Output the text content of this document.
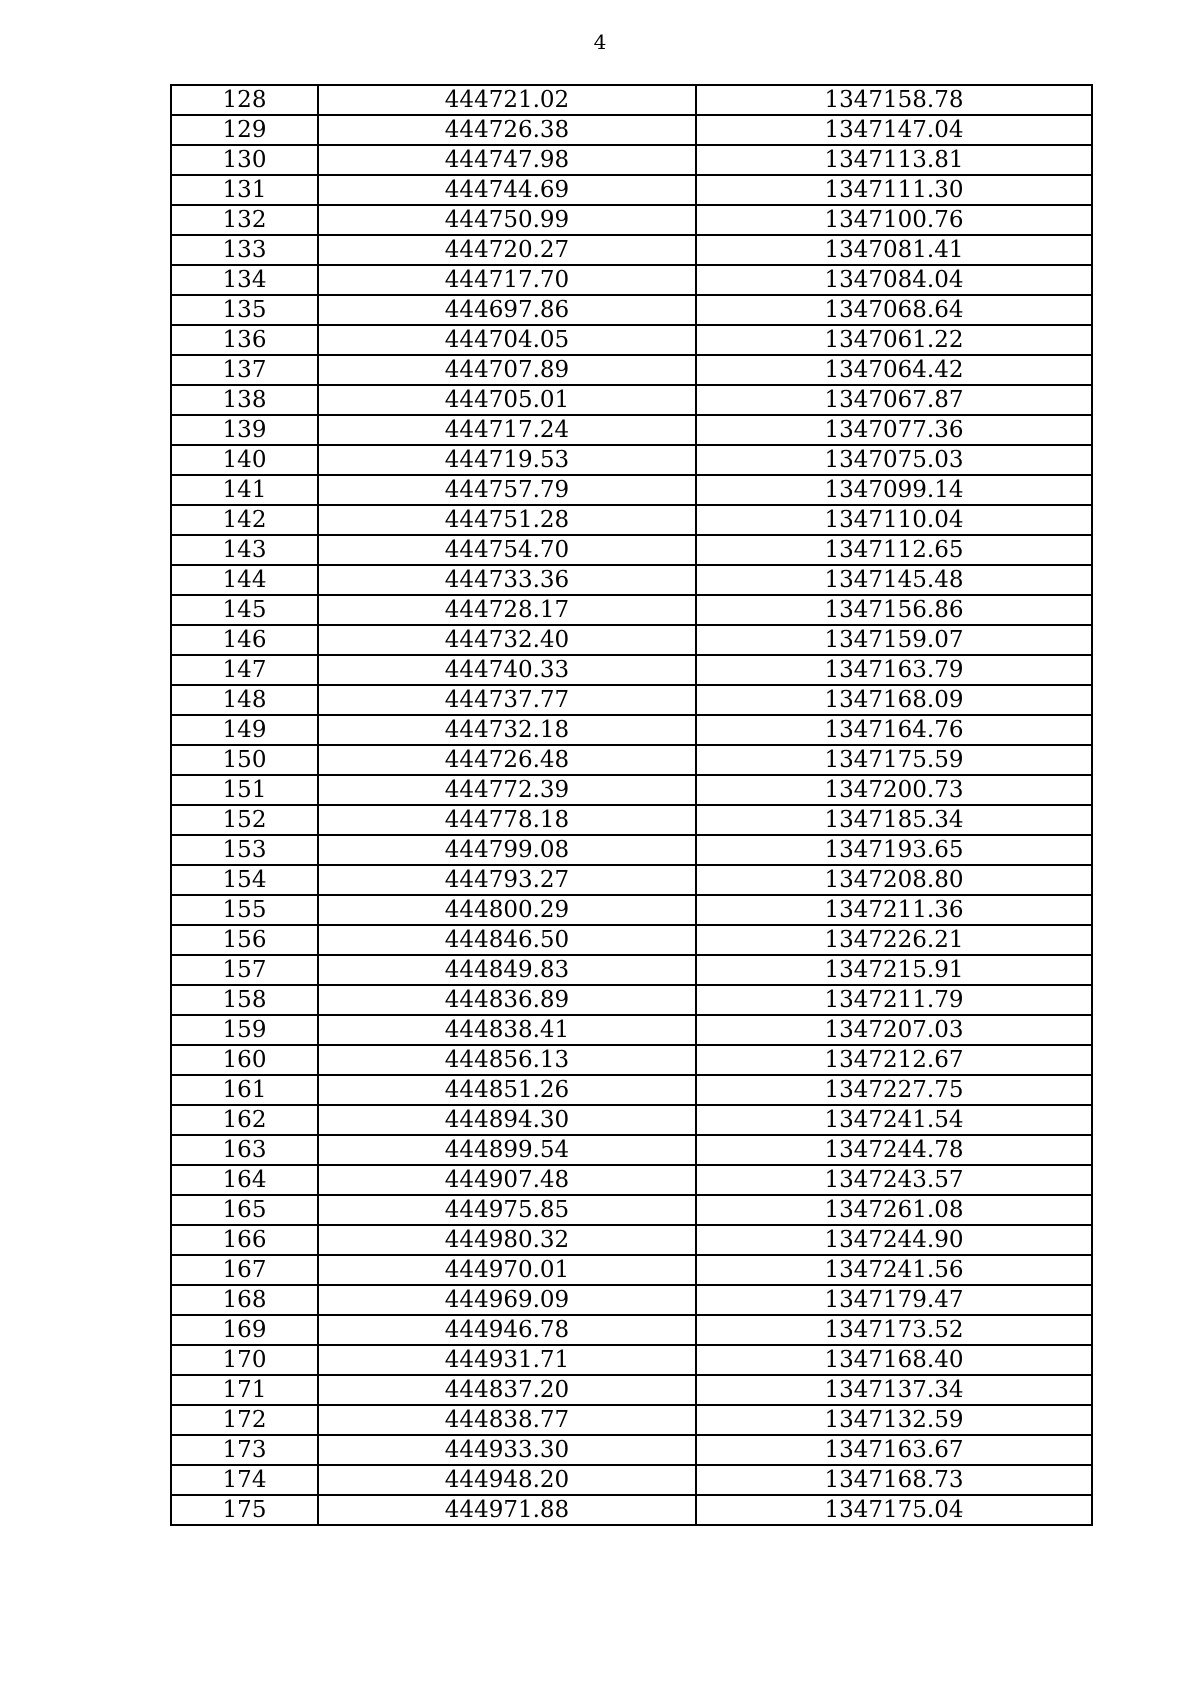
4
128	444721.02	1347158.78
129	444726.38	1347147.04
130	444747.98	1347113.81
131	444744.69	1347111.30
132	444750.99	1347100.76
133	444720.27	1347081.41
134	444717.70	1347084.04
135	444697.86	1347068.64
136	444704.05	1347061.22
137	444707.89	1347064.42
138	444705.01	1347067.87
139	444717.24	1347077.36
140	444719.53	1347075.03
141	444757.79	1347099.14
142	444751.28	1347110.04
143	444754.70	1347112.65
144	444733.36	1347145.48
145	444728.17	1347156.86
146	444732.40	1347159.07
147	444740.33	1347163.79
148	444737.77	1347168.09
149	444732.18	1347164.76
150	444726.48	1347175.59
151	444772.39	1347200.73
152	444778.18	1347185.34
153	444799.08	1347193.65
154	444793.27	1347208.80
155	444800.29	1347211.36
156	444846.50	1347226.21
157	444849.83	1347215.91
158	444836.89	1347211.79
159	444838.41	1347207.03
160	444856.13	1347212.67
161	444851.26	1347227.75
162	444894.30	1347241.54
163	444899.54	1347244.78
164	444907.48	1347243.57
165	444975.85	1347261.08
166	444980.32	1347244.90
167	444970.01	1347241.56
168	444969.09	1347179.47
169	444946.78	1347173.52
170	444931.71	1347168.40
171	444837.20	1347137.34
172	444838.77	1347132.59
173	444933.30	1347163.67
174	444948.20	1347168.73
175	444971.88	1347175.04
